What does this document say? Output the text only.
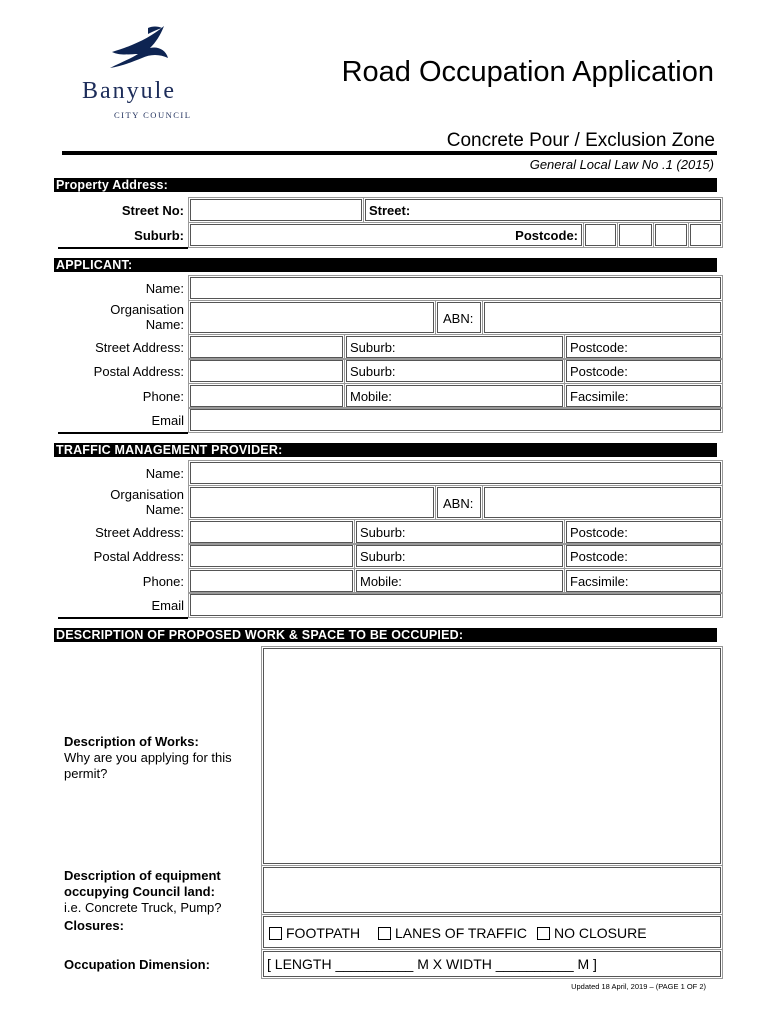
Banyule
CITY COUNCIL
Road Occupation Application
Concrete Pour / Exclusion Zone
General Local Law No .1 (2015)
Property Address:
Street No:	Street:
Suburb:	Postcode:
APPLICANT:
Name:
Organisation
Name:	ABN:
Street Address:	Suburb:	Postcode:
Postal Address:	Suburb:	Postcode:
Phone:	Mobile:	Facsimile:
Email
TRAFFIC MANAGEMENT PROVIDER:
Name:
Organisation
Name:	ABN:
Street Address:	Suburb:	Postcode:
Postal Address:	Suburb:	Postcode:
Phone:	Mobile:	Facsimile:
Email
DESCRIPTION OF PROPOSED WORK & SPACE TO BE OCCUPIED:
Description of Works:
Why are you applying for this
permit?
Description of equipment
occupying Council land:
i.e. Concrete Truck, Pump?
Closures:	FOOTPATH	LANES OF TRAFFIC	NO CLOSURE
Occupation Dimension:	[ LENGTH __________ M X WIDTH __________ M ]
Updated 18 April, 2019 – (PAGE 1 OF 2)
